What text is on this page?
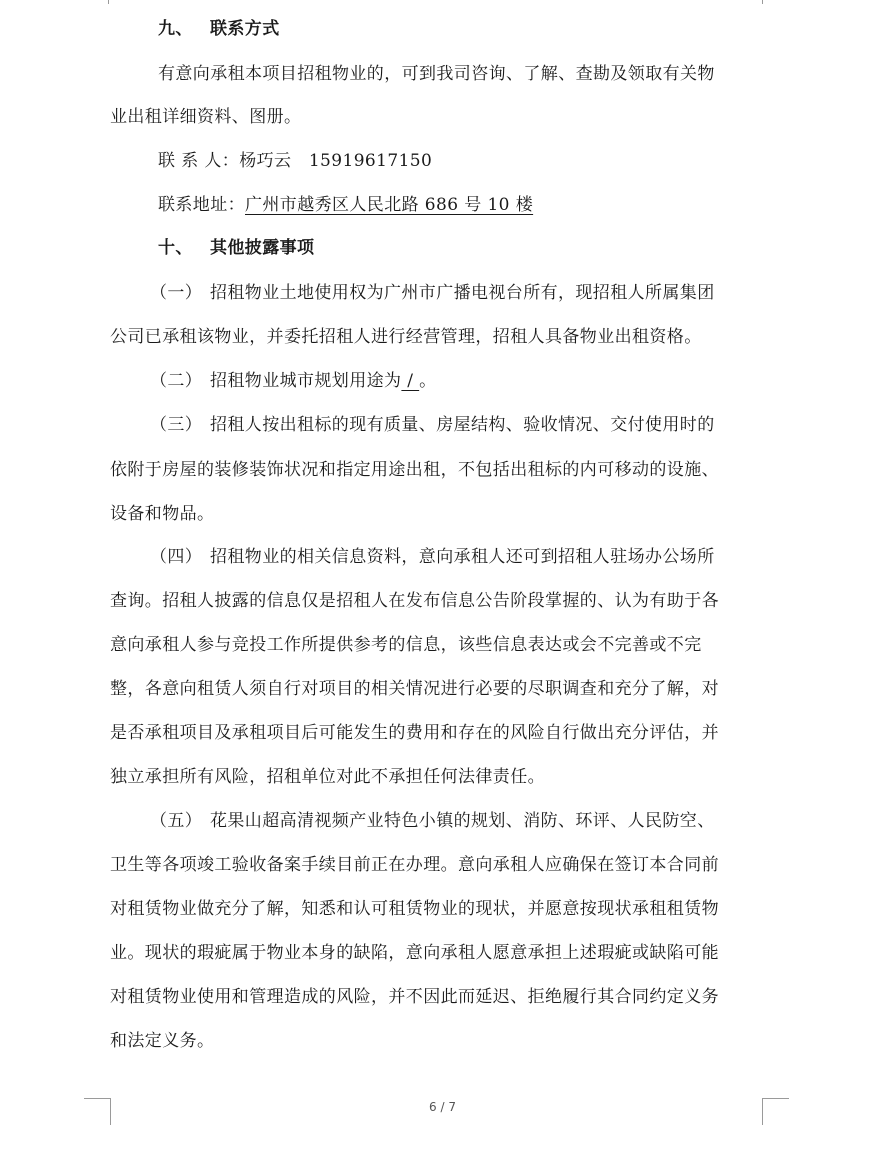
九、 联系方式
有意向承租本项目招租物业的，可到我司咨询、了解、查勘及领取有关物
业出租详细资料、图册。
联 系 人：杨巧云 15919617150
联系地址：广州市越秀区人民北路 686 号 10 楼
十、 其他披露事项
（一） 招租物业土地使用权为广州市广播电视台所有，现招租人所属集团
公司已承租该物业，并委托招租人进行经营管理，招租人具备物业出租资格。
（二） 招租物业城市规划用途为 / 。
（三） 招租人按出租标的现有质量、房屋结构、验收情况、交付使用时的
依附于房屋的装修装饰状况和指定用途出租，不包括出租标的内可移动的设施、
设备和物品。
（四） 招租物业的相关信息资料，意向承租人还可到招租人驻场办公场所
查询。招租人披露的信息仅是招租人在发布信息公告阶段掌握的、认为有助于各
意向承租人参与竞投工作所提供参考的信息，该些信息表达或会不完善或不完
整，各意向租赁人须自行对项目的相关情况进行必要的尽职调查和充分了解，对
是否承租项目及承租项目后可能发生的费用和存在的风险自行做出充分评估，并
独立承担所有风险，招租单位对此不承担任何法律责任。
（五） 花果山超高清视频产业特色小镇的规划、消防、环评、人民防空、
卫生等各项竣工验收备案手续目前正在办理。意向承租人应确保在签订本合同前
对租赁物业做充分了解，知悉和认可租赁物业的现状，并愿意按现状承租租赁物
业。现状的瑕疵属于物业本身的缺陷，意向承租人愿意承担上述瑕疵或缺陷可能
对租赁物业使用和管理造成的风险，并不因此而延迟、拒绝履行其合同约定义务
和法定义务。
6 / 7
